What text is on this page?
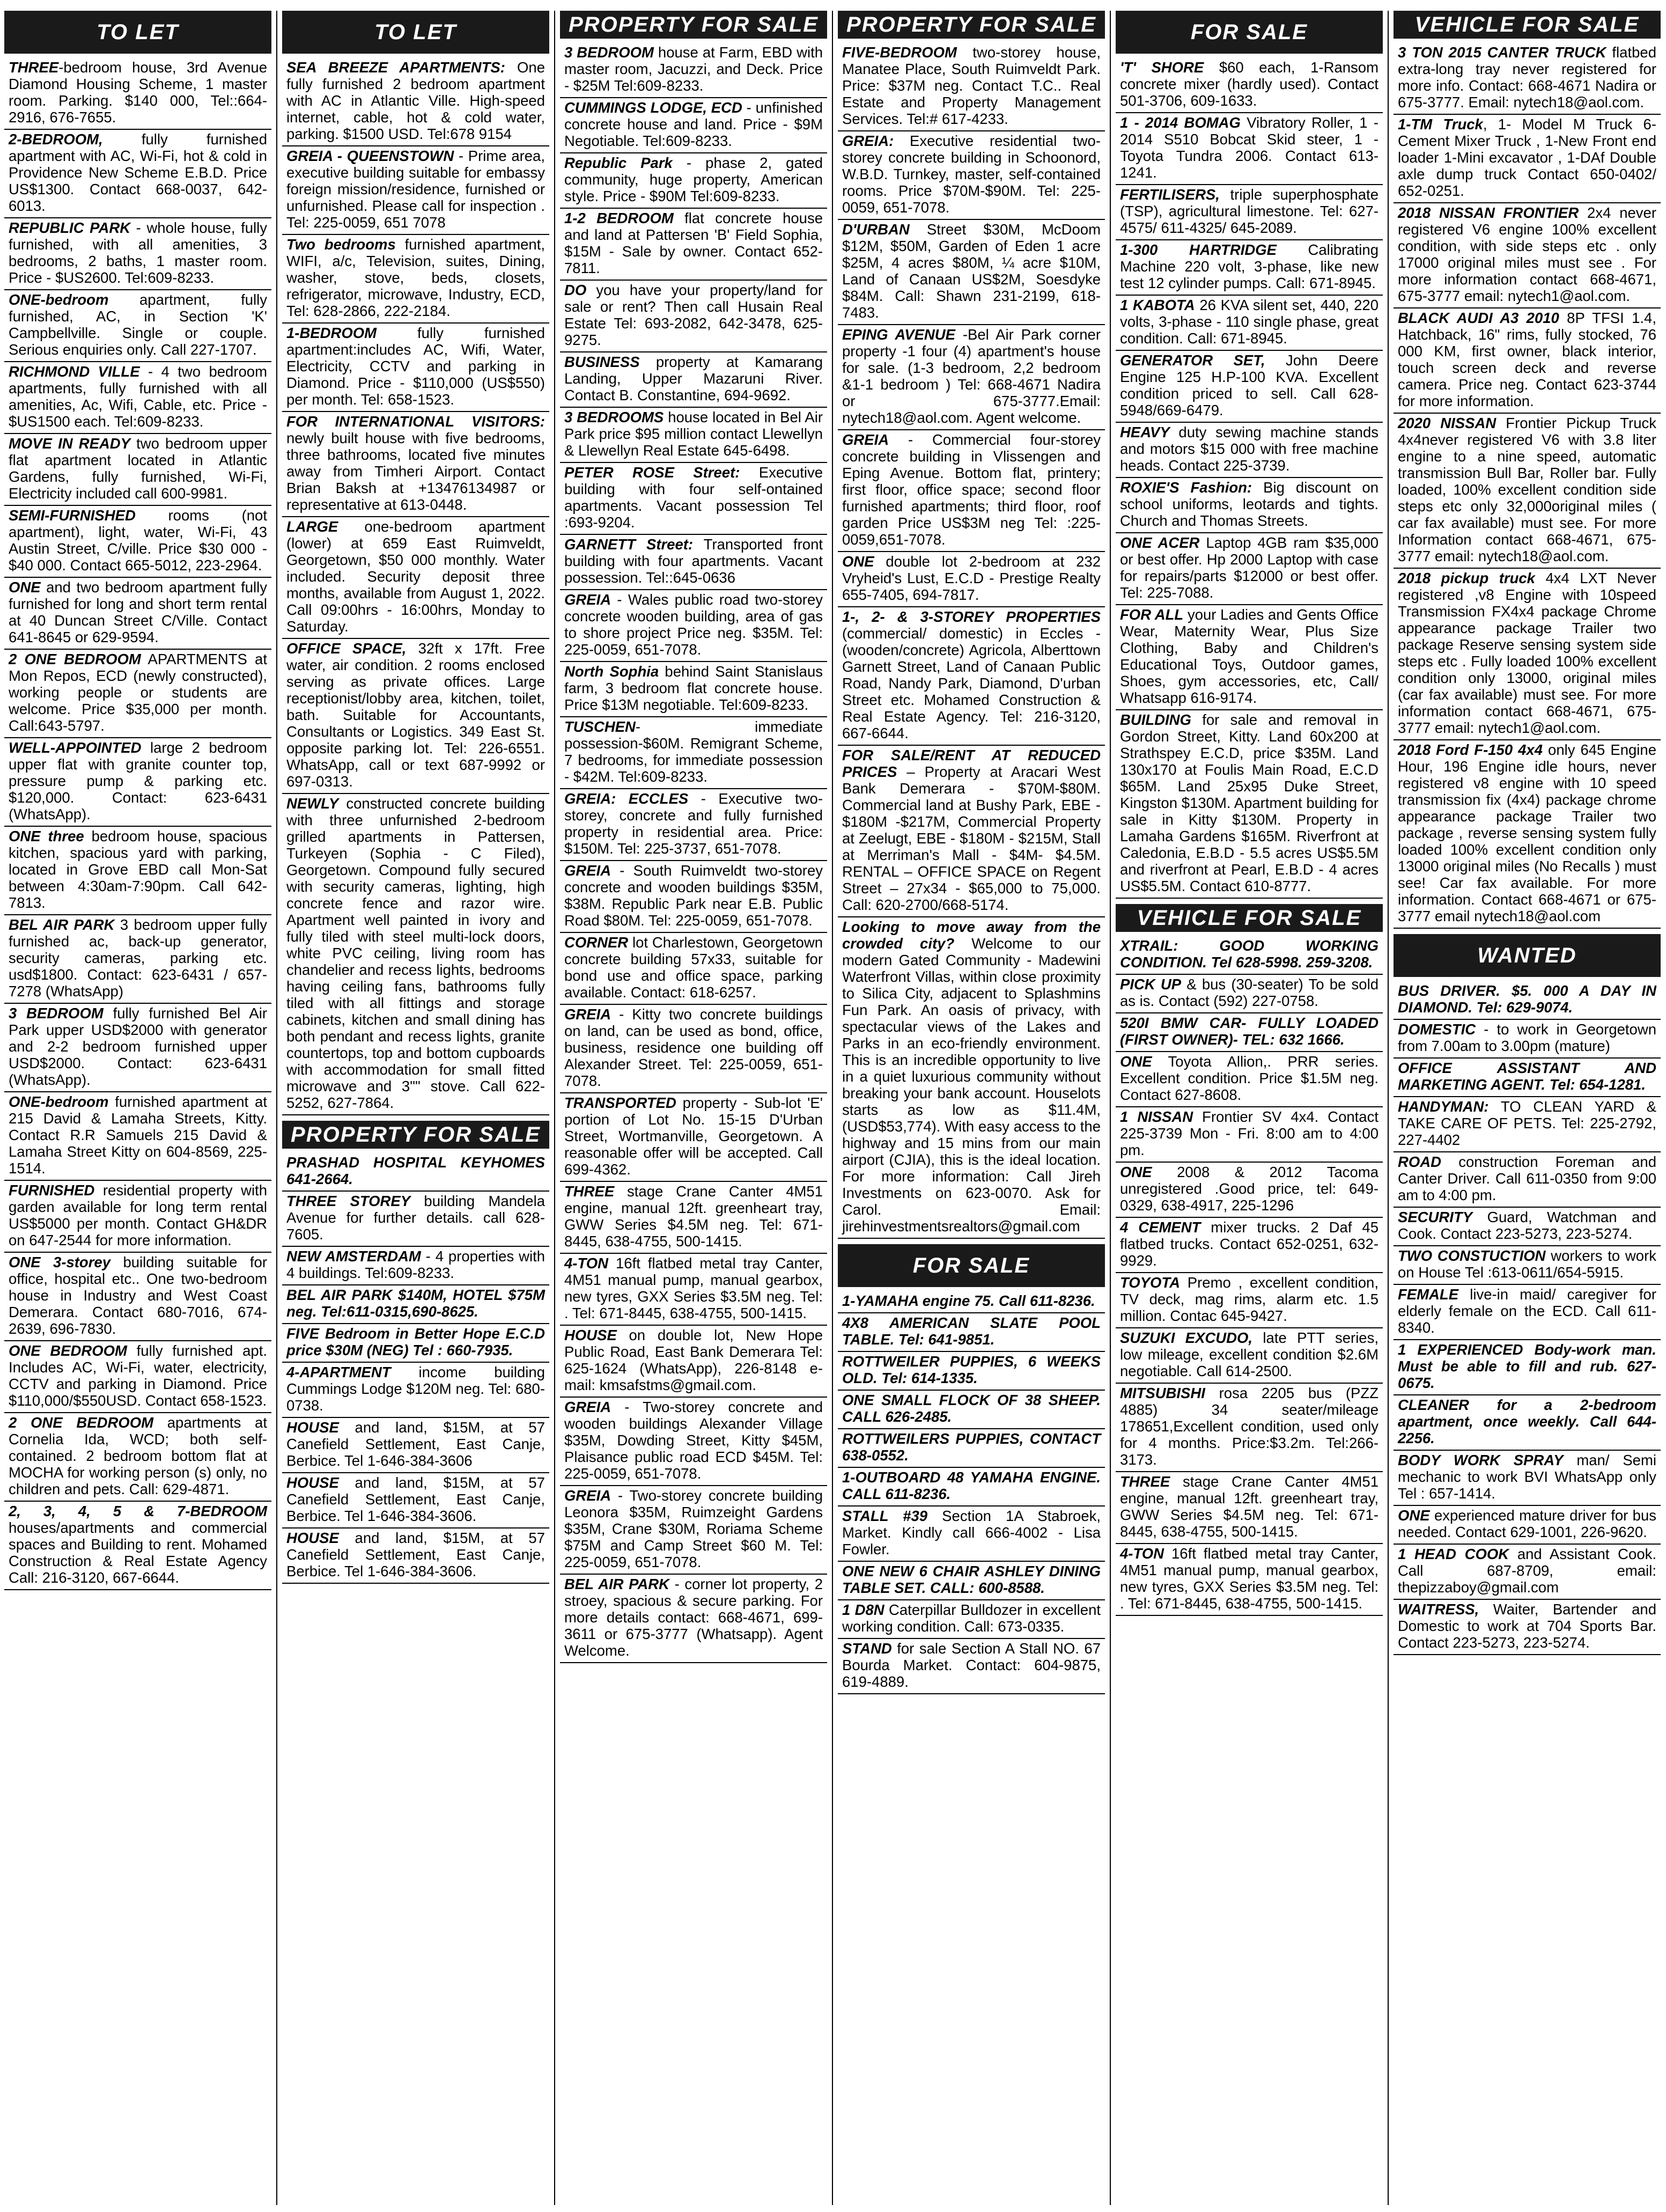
TO LET
THREE-bedroom house, 3rd Avenue Diamond Housing Scheme, 1 master room. Parking. $140 000, Tel::664-2916, 676-7655.
2-BEDROOM, fully furnished apartment with AC, Wi-Fi, hot & cold in Providence New Scheme E.B.D. Price US$1300. Contact 668-0037, 642-6013.
REPUBLIC PARK - whole house, fully furnished, with all amenities, 3 bedrooms, 2 baths, 1 master room. Price - $US2600. Tel:609-8233.
ONE-bedroom apartment, fully furnished, AC, in Section 'K' Campbellville. Single or couple. Serious enquiries only. Call 227-1707.
RICHMOND VILLE - 4 two bedroom apartments, fully furnished with all amenities, Ac, Wifi, Cable, etc. Price - $US1500 each. Tel:609-8233.
MOVE IN READY two bedroom upper flat apartment located in Atlantic Gardens, fully furnished, Wi-Fi, Electricity included call 600-9981.
SEMI-FURNISHED rooms (not apartment), light, water, Wi-Fi, 43 Austin Street, C/ville. Price $30 000 - $40 000. Contact 665-5012, 223-2964.
ONE and two bedroom apartment fully furnished for long and short term rental at 40 Duncan Street C/Ville. Contact 641-8645 or 629-9594.
2 ONE BEDROOM APARTMENTS at Mon Repos, ECD (newly constructed), working people or students are welcome. Price $35,000 per month. Call:643-5797.
WELL-APPOINTED large 2 bedroom upper flat with granite counter top, pressure pump & parking etc. $120,000. Contact: 623-6431 (WhatsApp).
ONE three bedroom house, spacious kitchen, spacious yard with parking, located in Grove EBD call Mon-Sat between 4:30am-7:90pm. Call 642-7813.
BEL AIR PARK 3 bedroom upper fully furnished ac, back-up generator, security cameras, parking etc. usd$1800. Contact: 623-6431 / 657-7278 (WhatsApp)
3 BEDROOM fully furnished Bel Air Park upper USD$2000 with generator and 2-2 bedroom furnished upper USD$2000. Contact: 623-6431 (WhatsApp).
ONE-bedroom furnished apartment at 215 David & Lamaha Streets, Kitty. Contact R.R Samuels 215 David & Lamaha Street Kitty on 604-8569, 225-1514.
FURNISHED residential property with garden available for long term rental US$5000 per month. Contact GH&DR on 647-2544 for more information.
ONE 3-storey building suitable for office, hospital etc.. One two-bedroom house in Industry and West Coast Demerara. Contact 680-7016, 674-2639, 696-7830.
ONE BEDROOM fully furnished apt. Includes AC, Wi-Fi, water, electricity, CCTV and parking in Diamond. Price $110,000/$550USD. Contact 658-1523.
2 ONE BEDROOM apartments at Cornelia Ida, WCD; both self-contained. 2 bedroom bottom flat at MOCHA for working person (s) only, no children and pets. Call: 629-4871.
2, 3, 4, 5 & 7-BEDROOM houses/apartments and commercial spaces and Building to rent. Mohamed Construction & Real Estate Agency Call: 216-3120, 667-6644.
TO LET
SEA BREEZE APARTMENTS: One fully furnished 2 bedroom apartment with AC in Atlantic Ville. High-speed internet, cable, hot & cold water, parking. $1500 USD. Tel:678 9154
GREIA - QUEENSTOWN - Prime area, executive building suitable for embassy foreign mission/residence, furnished or unfurnished. Please call for inspection . Tel: 225-0059, 651 7078
Two bedrooms furnished apartment, WIFI, a/c, Television, suites, Dining, washer, stove, beds, closets, refrigerator, microwave, Industry, ECD, Tel: 628-2866, 222-2184.
1-BEDROOM fully furnished apartment:includes AC, Wifi, Water, Electricity, CCTV and parking in Diamond. Price - $110,000 (US$550) per month. Tel: 658-1523.
FOR INTERNATIONAL VISITORS: newly built house with five bedrooms, three bathrooms, located five minutes away from Timheri Airport. Contact Brian Baksh at +13476134987 or representative at 613-0448.
LARGE one-bedroom apartment (lower) at 659 East Ruimveldt, Georgetown, $50 000 monthly. Water included. Security deposit three months, available from August 1, 2022. Call 09:00hrs - 16:00hrs, Monday to Saturday.
OFFICE SPACE, 32ft x 17ft. Free water, air condition. 2 rooms enclosed serving as private offices. Large receptionist/lobby area, kitchen, toilet, bath. Suitable for Accountants, Consultants or Logistics. 349 East St. opposite parking lot. Tel: 226-6551. WhatsApp, call or text 687-9992 or 697-0313.
NEWLY constructed concrete building with three unfurnished 2-bedroom grilled apartments in Pattersen, Turkeyen (Sophia - C Filed), Georgetown. Compound fully secured with security cameras, lighting, high concrete fence and razor wire. Apartment well painted in ivory and fully tiled with steel multi-lock doors, white PVC ceiling, living room has chandelier and recess lights, bedrooms having ceiling fans, bathrooms fully tiled with all fittings and storage cabinets, kitchen and small dining has both pendant and recess lights, granite countertops, top and bottom cupboards with accommodation for small fitted microwave and 3"" stove. Call 622-5252, 627-7864.
PROPERTY FOR SALE
PRASHAD HOSPITAL KEYHOMES 641-2664.
THREE STOREY building Mandela Avenue for further details. call 628-7605.
NEW AMSTERDAM - 4 properties with 4 buildings. Tel:609-8233.
BEL AIR PARK $140M, HOTEL $75M neg. Tel:611-0315,690-8625.
FIVE Bedroom in Better Hope E.C.D price $30M (NEG) Tel : 660-7935.
4-APARTMENT income building Cummings Lodge $120M neg. Tel: 680-0738.
HOUSE and land, $15M, at 57 Canefield Settlement, East Canje, Berbice. Tel 1-646-384-3606
HOUSE and land, $15M, at 57 Canefield Settlement, East Canje, Berbice. Tel 1-646-384-3606.
HOUSE and land, $15M, at 57 Canefield Settlement, East Canje, Berbice. Tel 1-646-384-3606.
PROPERTY FOR SALE
3 BEDROOM house at Farm, EBD with master room, Jacuzzi, and Deck. Price - $25M Tel:609-8233.
CUMMINGS LODGE, ECD - unfinished concrete house and land. Price - $9M Negotiable. Tel:609-8233.
Republic Park - phase 2, gated community, huge property, American style. Price - $90M Tel:609-8233.
1-2 BEDROOM flat concrete house and land at Pattersen 'B' Field Sophia, $15M - Sale by owner. Contact 652-7811.
DO you have your property/land for sale or rent? Then call Husain Real Estate Tel: 693-2082, 642-3478, 625-9275.
BUSINESS property at Kamarang Landing, Upper Mazaruni River. Contact B. Constantine, 694-9692.
3 BEDROOMS house located in Bel Air Park price $95 million contact Llewellyn & Llewellyn Real Estate 645-6498.
PETER ROSE Street: Executive building with four self-ontained apartments. Vacant possession Tel :693-9204.
GARNETT Street: Transported front building with four apartments. Vacant possession. Tel::645-0636
GREIA - Wales public road two-storey concrete wooden building, area of gas to shore project Price neg. $35M. Tel: 225-0059, 651-7078.
North Sophia behind Saint Stanislaus farm, 3 bedroom flat concrete house. Price $13M negotiable. Tel:609-8233.
TUSCHEN- immediate possession-$60M. Remigrant Scheme, 7 bedrooms, for immediate possession - $42M. Tel:609-8233.
GREIA: ECCLES - Executive two-storey, concrete and fully furnished property in residential area. Price: $150M. Tel: 225-3737, 651-7078.
GREIA - South Ruimveldt two-storey concrete and wooden buildings $35M, $38M. Republic Park near E.B. Public Road $80M. Tel: 225-0059, 651-7078.
CORNER lot Charlestown, Georgetown concrete building 57x33, suitable for bond use and office space, parking available. Contact: 618-6257.
GREIA - Kitty two concrete buildings on land, can be used as bond, office, business, residence one building off Alexander Street. Tel: 225-0059, 651-7078.
TRANSPORTED property - Sub-lot 'E' portion of Lot No. 15-15 D'Urban Street, Wortmanville, Georgetown. A reasonable offer will be accepted. Call 699-4362.
THREE stage Crane Canter 4M51 engine, manual 12ft. greenheart tray, GWW Series $4.5M neg. Tel: 671-8445, 638-4755, 500-1415.
4-TON 16ft flatbed metal tray Canter, 4M51 manual pump, manual gearbox, new tyres, GXX Series $3.5M neg. Tel: . Tel: 671-8445, 638-4755, 500-1415.
HOUSE on double lot, New Hope Public Road, East Bank Demerara Tel: 625-1624 (WhatsApp), 226-8148 e-mail: kmsafstms@gmail.com.
GREIA - Two-storey concrete and wooden buildings Alexander Village $35M, Dowding Street, Kitty $45M, Plaisance public road ECD $45M. Tel: 225-0059, 651-7078.
GREIA - Two-storey concrete building Leonora $35M, Ruimzeight Gardens $35M, Crane $30M, Roriama Scheme $75M and Camp Street $60 M. Tel: 225-0059, 651-7078.
BEL AIR PARK - corner lot property, 2 stroey, spacious & secure parking. For more details contact: 668-4671, 699-3611 or 675-3777 (Whatsapp). Agent Welcome.
PROPERTY FOR SALE
FIVE-BEDROOM two-storey house, Manatee Place, South Ruimveldt Park. Price: $37M neg. Contact T.C.. Real Estate and Property Management Services. Tel:# 617-4233.
GREIA: Executive residential two-storey concrete building in Schoonord, W.B.D. Turnkey, master, self-contained rooms. Price $70M-$90M. Tel: 225-0059, 651-7078.
D'URBAN Street $30M, McDoom $12M, $50M, Garden of Eden 1 acre $25M, 4 acres $80M, ¼ acre $10M, Land of Canaan US$2M, Soesdyke $84M. Call: Shawn 231-2199, 618-7483.
EPING AVENUE -Bel Air Park corner property -1 four (4) apartment's house for sale. (1-3 bedroom, 2,2 bedroom &1-1 bedroom ) Tel: 668-4671 Nadira or 675-3777.Email: nytech18@aol.com. Agent welcome.
GREIA - Commercial four-storey concrete building in Vlissengen and Eping Avenue. Bottom flat, printery; first floor, office space; second floor furnished apartments; third floor, roof garden Price US$3M neg Tel: :225-0059,651-7078.
ONE double lot 2-bedroom at 232 Vryheid's Lust, E.C.D - Prestige Realty 655-7405, 694-7817.
1-, 2- & 3-STOREY PROPERTIES (commercial/ domestic) in Eccles - (wooden/concrete) Agricola, Alberttown Garnett Street, Land of Canaan Public Road, Nandy Park, Diamond, D'urban Street etc. Mohamed Construction & Real Estate Agency. Tel: 216-3120, 667-6644.
FOR SALE/RENT AT REDUCED PRICES – Property at Aracari West Bank Demerara - $70M-$80M. Commercial land at Bushy Park, EBE - $180M -$217M, Commercial Property at Zeelugt, EBE - $180M - $215M, Stall at Merriman's Mall - $4M- $4.5M. RENTAL – OFFICE SPACE on Regent Street – 27x34 - $65,000 to 75,000. Call: 620-2700/668-5174.
Looking to move away from the crowded city? Welcome to our modern Gated Community - Madewini Waterfront Villas, within close proximity to Silica City, adjacent to Splashmins Fun Park. An oasis of privacy, with spectacular views of the Lakes and Parks in an eco-friendly environment. This is an incredible opportunity to live in a quiet luxurious community without breaking your bank account. Houselots starts as low as $11.4M, (USD$53,774). With easy access to the highway and 15 mins from our main airport (CJIA), this is the ideal location. For more information: Call Jireh Investments on 623-0070. Ask for Carol. Email: jirehinvestmentsrealtors@gmail.com
FOR SALE
1-YAMAHA engine 75. Call 611-8236.
4X8 AMERICAN SLATE POOL TABLE. Tel: 641-9851.
ROTTWEILER PUPPIES, 6 WEEKS OLD. Tel: 614-1335.
ONE SMALL FLOCK OF 38 SHEEP. CALL 626-2485.
ROTTWEILERS PUPPIES, CONTACT 638-0552.
1-OUTBOARD 48 YAMAHA ENGINE. CALL 611-8236.
STALL #39 Section 1A Stabroek, Market. Kindly call 666-4002 - Lisa Fowler.
ONE NEW 6 CHAIR ASHLEY DINING TABLE SET. CALL: 600-8588.
1 D8N Caterpillar Bulldozer in excellent working condition. Call: 673-0335.
STAND for sale Section A Stall NO. 67 Bourda Market. Contact: 604-9875, 619-4889.
FOR SALE
'T' SHORE $60 each, 1-Ransom concrete mixer (hardly used). Contact 501-3706, 609-1633.
1 - 2014 BOMAG Vibratory Roller, 1 - 2014 S510 Bobcat Skid steer, 1 - Toyota Tundra 2006. Contact 613-1241.
FERTILISERS, triple superphosphate (TSP), agricultural limestone. Tel: 627-4575/ 611-4325/ 645-2089.
1-300 HARTRIDGE Calibrating Machine 220 volt, 3-phase, like new test 12 cylinder pumps. Call: 671-8945.
1 KABOTA 26 KVA silent set, 440, 220 volts, 3-phase - 110 single phase, great condition. Call: 671-8945.
GENERATOR SET, John Deere Engine 125 H.P-100 KVA. Excellent condition priced to sell. Call 628-5948/669-6479.
HEAVY duty sewing machine stands and motors $15 000 with free machine heads. Contact 225-3739.
ROXIE'S Fashion: Big discount on school uniforms, leotards and tights. Church and Thomas Streets.
ONE ACER Laptop 4GB ram $35,000 or best offer. Hp 2000 Laptop with case for repairs/parts $12000 or best offer. Tel: 225-7088.
FOR ALL your Ladies and Gents Office Wear, Maternity Wear, Plus Size Clothing, Baby and Children's Educational Toys, Outdoor games, Shoes, gym accessories, etc, Call/ Whatsapp 616-9174.
BUILDING for sale and removal in Gordon Street, Kitty. Land 60x200 at Strathspey E.C.D, price $35M. Land 130x170 at Foulis Main Road, E.C.D $65M. Land 25x95 Duke Street, Kingston $130M. Apartment building for sale in Kitty $130M. Property in Lamaha Gardens $165M. Riverfront at Caledonia, E.B.D - 5.5 acres US$5.5M and riverfront at Pearl, E.B.D - 4 acres US$5.5M. Contact 610-8777.
VEHICLE FOR SALE
XTRAIL: GOOD WORKING CONDITION. Tel 628-5998. 259-3208.
PICK UP & bus (30-seater) To be sold as is. Contact (592) 227-0758.
520I BMW CAR- FULLY LOADED (FIRST OWNER)- TEL: 632 1666.
ONE Toyota Allion,. PRR series. Excellent condition. Price $1.5M neg. Contact 627-8608.
1 NISSAN Frontier SV 4x4. Contact 225-3739 Mon - Fri. 8:00 am to 4:00 pm.
ONE 2008 & 2012 Tacoma unregistered .Good price, tel: 649-0329, 638-4917, 225-1296
4 CEMENT mixer trucks. 2 Daf 45 flatbed trucks. Contact 652-0251, 632-9929.
TOYOTA Premo , excellent condition, TV deck, mag rims, alarm etc. 1.5 million. Contac 645-9427.
SUZUKI EXCUDO, late PTT series, low mileage, excellent condition $2.6M negotiable. Call 614-2500.
MITSUBISHI rosa 2205 bus (PZZ 4885) 34 seater/mileage 178651,Excellent condition, used only for 4 months. Price:$3.2m. Tel:266-3173.
THREE stage Crane Canter 4M51 engine, manual 12ft. greenheart tray, GWW Series $4.5M neg. Tel: 671-8445, 638-4755, 500-1415.
4-TON 16ft flatbed metal tray Canter, 4M51 manual pump, manual gearbox, new tyres, GXX Series $3.5M neg. Tel: . Tel: 671-8445, 638-4755, 500-1415.
VEHICLE FOR SALE
3 TON 2015 CANTER TRUCK flatbed extra-long tray never registered for more info. Contact: 668-4671 Nadira or 675-3777. Email: nytech18@aol.com.
1-TM Truck, 1- Model M Truck 6-Cement Mixer Truck , 1-New Front end loader 1-Mini excavator , 1-DAf Double axle dump truck Contact 650-0402/ 652-0251.
2018 NISSAN FRONTIER 2x4 never registered V6 engine 100% excellent condition, with side steps etc . only 17000 original miles must see . For more information contact 668-4671, 675-3777 email: nytech1@aol.com.
BLACK AUDI A3 2010 8P TFSI 1.4, Hatchback, 16" rims, fully stocked, 76 000 KM, first owner, black interior, touch screen deck and reverse camera. Price neg. Contact 623-3744 for more information.
2020 NISSAN Frontier Pickup Truck 4x4never registered V6 with 3.8 liter engine to a nine speed, automatic transmission Bull Bar, Roller bar. Fully loaded, 100% excellent condition side steps etc only 32,000original miles ( car fax available) must see. For more Information contact 668-4671, 675-3777 email: nytech18@aol.com.
2018 pickup truck 4x4 LXT Never registered ,v8 Engine with 10speed Transmission FX4x4 package Chrome appearance package Trailer two package Reserve sensing system side steps etc . Fully loaded 100% excellent condition only 13000, original miles (car fax available) must see. For more information contact 668-4671, 675-3777 email: nytech1@aol.com.
2018 Ford F-150 4x4 only 645 Engine Hour, 196 Engine idle hours, never registered v8 engine with 10 speed transmission fix (4x4) package chrome appearance package Trailer two package , reverse sensing system fully loaded 100% excellent condition only 13000 original miles (No Recalls ) must see! Car fax available. For more information. Contact 668-4671 or 675-3777 email nytech18@aol.com
WANTED
BUS DRIVER. $5. 000 A DAY IN DIAMOND. Tel: 629-9074.
DOMESTIC - to work in Georgetown from 7.00am to 3.00pm (mature)
OFFICE ASSISTANT AND MARKETING AGENT. Tel: 654-1281.
HANDYMAN: TO CLEAN YARD & TAKE CARE OF PETS. Tel: 225-2792, 227-4402
ROAD construction Foreman and Canter Driver. Call 611-0350 from 9:00 am to 4:00 pm.
SECURITY Guard, Watchman and Cook. Contact 223-5273, 223-5274.
TWO CONSTUCTION workers to work on House Tel :613-0611/654-5915.
FEMALE live-in maid/ caregiver for elderly female on the ECD. Call 611-8340.
1 EXPERIENCED Body-work man. Must be able to fill and rub. 627-0675.
CLEANER for a 2-bedroom apartment, once weekly. Call 644-2256.
BODY WORK SPRAY man/ Semi mechanic to work BVI WhatsApp only Tel : 657-1414.
ONE experienced mature driver for bus needed. Contact 629-1001, 226-9620.
1 HEAD COOK and Assistant Cook. Call 687-8709, email: thepizzaboy@gmail.com
WAITRESS, Waiter, Bartender and Domestic to work at 704 Sports Bar. Contact 223-5273, 223-5274.
